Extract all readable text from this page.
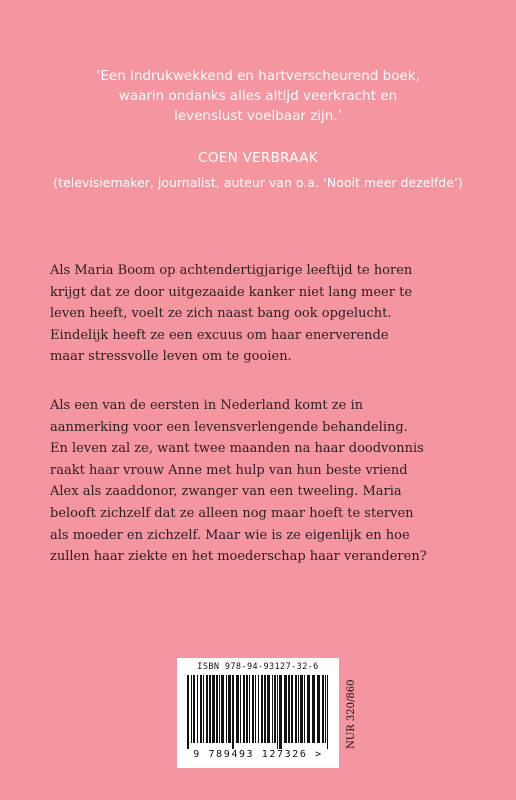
‘Een indrukwekkend en hartverscheurend boek,
waarin ondanks alles altijd veerkracht en
levenslust voelbaar zijn.’
COEN VERBRAAK
(televisiemaker, journalist, auteur van o.a. ‘Nooit meer dezelfde’)
Als Maria Boom op achtendertigjarige leeftijd te horen
krijgt dat ze door uitgezaaide kanker niet lang meer te
leven heeft, voelt ze zich naast bang ook opgelucht.
Eindelijk heeft ze een excuus om haar enerverende
maar stressvolle leven om te gooien.
Als een van de eersten in Nederland komt ze in
aanmerking voor een levensverlengende behandeling.
En leven zal ze, want twee maanden na haar doodvonnis
raakt haar vrouw Anne met hulp van hun beste vriend
Alex als zaaddonor, zwanger van een tweeling. Maria
belooft zichzelf dat ze alleen nog maar hoeft te sterven
als moeder en zichzelf. Maar wie is ze eigenlijk en hoe
zullen haar ziekte en het moederschap haar veranderen?
ISBN 978-94-93127-32-6
9 789493 127326 >
NUR 320/860
